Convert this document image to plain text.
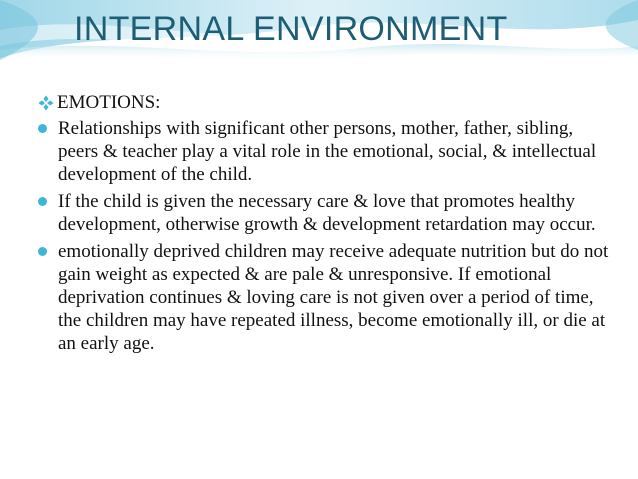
INTERNAL ENVIRONMENT
EMOTIONS:
Relationships with significant other persons, mother, father, sibling, peers & teacher play a vital role in the emotional, social, & intellectual development of the child.
If the child is given the necessary care & love that promotes healthy development, otherwise growth & development retardation may occur.
emotionally deprived children may receive adequate nutrition but do not gain weight as expected & are pale & unresponsive. If emotional deprivation continues & loving care is not given over a period of time, the children may have repeated illness, become emotionally ill, or die at an early age.
